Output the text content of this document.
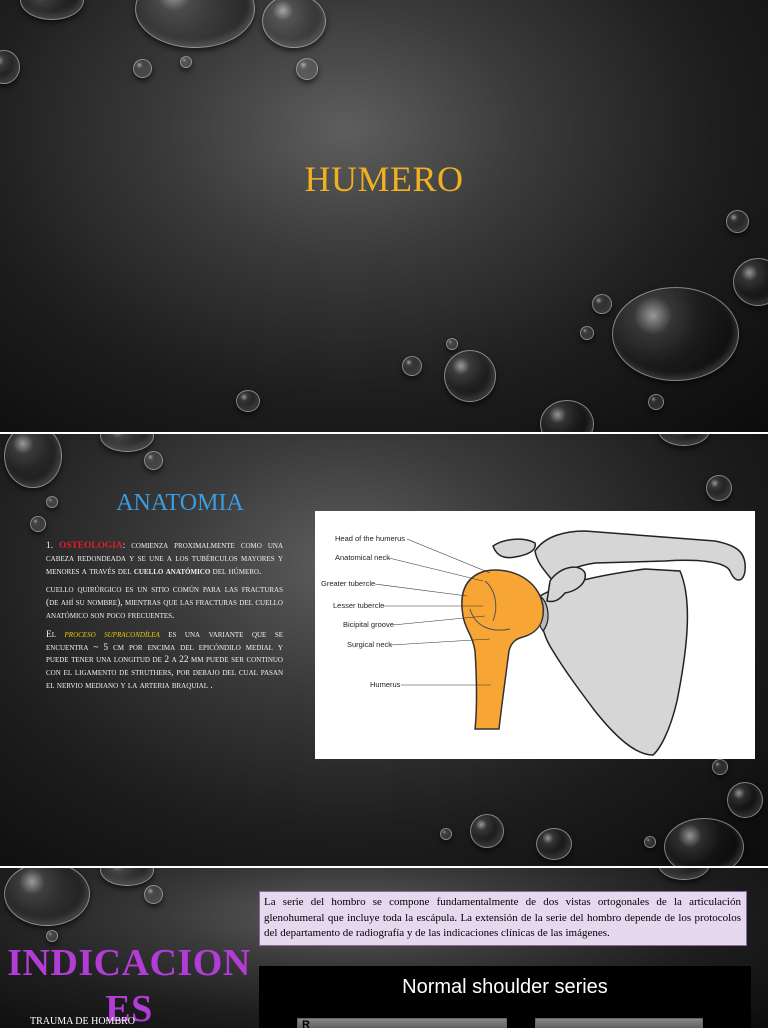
HUMERO
ANATOMIA

1. OSTEOLOGIA: comienza proximalmente como una cabeza redondeada y se une a los tubérculos mayores y menores a través del cuello anatómico del húmero.

cuello quirúrgico es un sitio común para las fracturas (de ahí su nombre), mientras que las fracturas del cuello anatómico son poco frecuentes.

El proceso supracondílea es una variante que se encuentra ~ 5 cm por encima del epicóndilo medial y puede tener una longitud de 2 a 22 mm puede ser continuo con el ligamento de struthers, por debajo del cual pasan el nervio mediano y la arteria braquial .

Head of the humerus
Anatomical neck
Greater tubercle
Lesser tubercle
Bicipital groove
Surgical neck
Humerus
INDICACION
ES
TRAUMA DE HOMBRO
La serie del hombro se compone fundamentalmente de dos vistas ortogonales de la articulación glenohumeral que incluye toda la escápula. La extensión de la serie del hombro depende de los protocolos del departamento de radiografía y de las indicaciones clínicas de las imágenes.
Normal shoulder series
R
